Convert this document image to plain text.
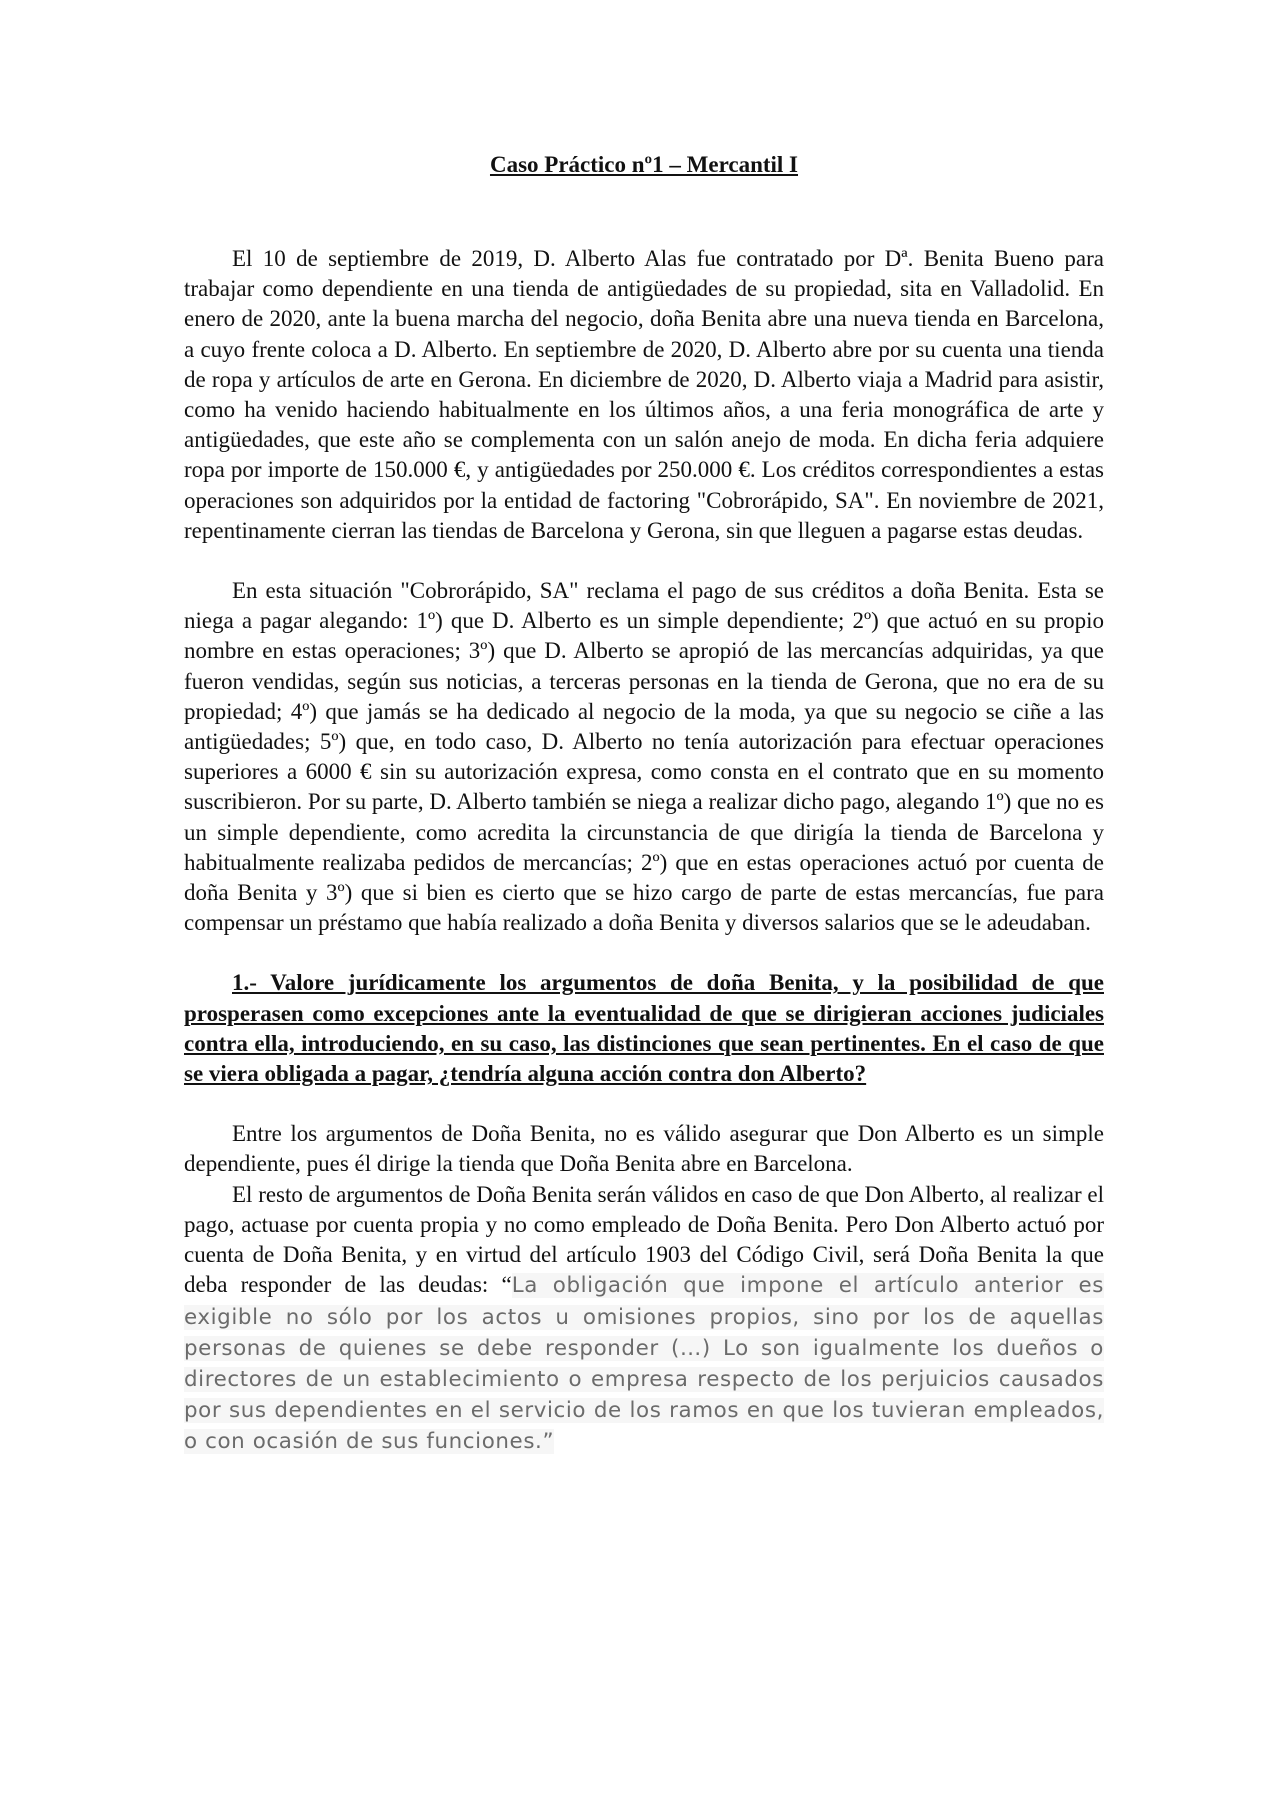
Caso Práctico nº1 – Mercantil I

El 10 de septiembre de 2019, D. Alberto Alas fue contratado por Dª. Benita Bueno para trabajar como dependiente en una tienda de antigüedades de su propiedad, sita en Valladolid. En enero de 2020, ante la buena marcha del negocio, doña Benita abre una nueva tienda en Barcelona, a cuyo frente coloca a D. Alberto. En septiembre de 2020, D. Alberto abre por su cuenta una tienda de ropa y artículos de arte en Gerona. En diciembre de 2020, D. Alberto viaja a Madrid para asistir, como ha venido haciendo habitualmente en los últimos años, a una feria monográfica de arte y antigüedades, que este año se complementa con un salón anejo de moda. En dicha feria adquiere ropa por importe de 150.000 €, y antigüedades por 250.000 €. Los créditos correspondientes a estas operaciones son adquiridos por la entidad de factoring "Cobrorápido, SA". En noviembre de 2021, repentinamente cierran las tiendas de Barcelona y Gerona, sin que lleguen a pagarse estas deudas.

En esta situación "Cobrorápido, SA" reclama el pago de sus créditos a doña Benita. Esta se niega a pagar alegando: 1º) que D. Alberto es un simple dependiente; 2º) que actuó en su propio nombre en estas operaciones; 3º) que D. Alberto se apropió de las mercancías adquiridas, ya que fueron vendidas, según sus noticias, a terceras personas en la tienda de Gerona, que no era de su propiedad; 4º) que jamás se ha dedicado al negocio de la moda, ya que su negocio se ciñe a las antigüedades; 5º) que, en todo caso, D. Alberto no tenía autorización para efectuar operaciones superiores a 6000 € sin su autorización expresa, como consta en el contrato que en su momento suscribieron. Por su parte, D. Alberto también se niega a realizar dicho pago, alegando 1º) que no es un simple dependiente, como acredita la circunstancia de que dirigía la tienda de Barcelona y habitualmente realizaba pedidos de mercancías; 2º) que en estas operaciones actuó por cuenta de doña Benita y 3º) que si bien es cierto que se hizo cargo de parte de estas mercancías, fue para compensar un préstamo que había realizado a doña Benita y diversos salarios que se le adeudaban.

1.- Valore jurídicamente los argumentos de doña Benita, y la posibilidad de que prosperasen como excepciones ante la eventualidad de que se dirigieran acciones judiciales contra ella, introduciendo, en su caso, las distinciones que sean pertinentes. En el caso de que se viera obligada a pagar, ¿tendría alguna acción contra don Alberto?

Entre los argumentos de Doña Benita, no es válido asegurar que Don Alberto es un simple dependiente, pues él dirige la tienda que Doña Benita abre en Barcelona.

El resto de argumentos de Doña Benita serán válidos en caso de que Don Alberto, al realizar el pago, actuase por cuenta propia y no como empleado de Doña Benita. Pero Don Alberto actuó por cuenta de Doña Benita, y en virtud del artículo 1903 del Código Civil, será Doña Benita la que deba responder de las deudas: “La obligación que impone el artículo anterior es exigible no sólo por los actos u omisiones propios, sino por los de aquellas personas de quienes se debe responder (…) Lo son igualmente los dueños o directores de un establecimiento o empresa respecto de los perjuicios causados por sus dependientes en el servicio de los ramos en que los tuvieran empleados, o con ocasión de sus funciones.”
